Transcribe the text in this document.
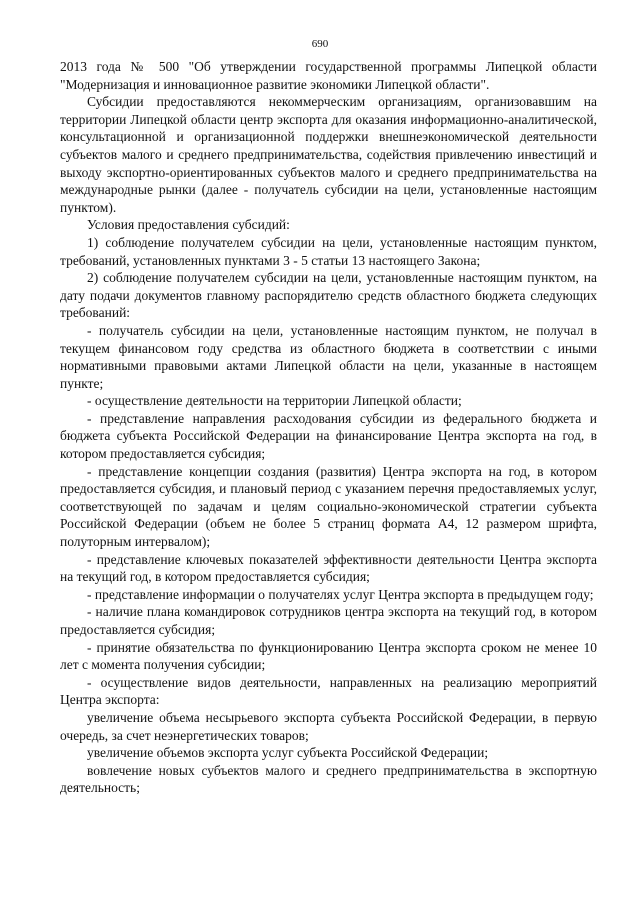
690

2013 года № 500 "Об утверждении государственной программы Липецкой области "Модернизация и инновационное развитие экономики Липецкой области".

Субсидии предоставляются некоммерческим организациям, организовавшим на территории Липецкой области центр экспорта для оказания информационно-аналитической, консультационной и организационной поддержки внешнеэкономической деятельности субъектов малого и среднего предпринимательства, содействия привлечению инвестиций и выходу экспортно-ориентированных субъектов малого и среднего предпринимательства на международные рынки (далее - получатель субсидии на цели, установленные настоящим пунктом).

Условия предоставления субсидий:

1) соблюдение получателем субсидии на цели, установленные настоящим пунктом, требований, установленных пунктами 3 - 5 статьи 13 настоящего Закона;

2) соблюдение получателем субсидии на цели, установленные настоящим пунктом, на дату подачи документов главному распорядителю средств областного бюджета следующих требований:

- получатель субсидии на цели, установленные настоящим пунктом, не получал в текущем финансовом году средства из областного бюджета в соответствии с иными нормативными правовыми актами Липецкой области на цели, указанные в настоящем пункте;

- осуществление деятельности на территории Липецкой области;

- представление направления расходования субсидии из федерального бюджета и бюджета субъекта Российской Федерации на финансирование Центра экспорта на год, в котором предоставляется субсидия;

- представление концепции создания (развития) Центра экспорта на год, в котором предоставляется субсидия, и плановый период с указанием перечня предоставляемых услуг, соответствующей по задачам и целям социально-экономической стратегии субъекта Российской Федерации (объем не более 5 страниц формата А4, 12 размером шрифта, полуторным интервалом);

- представление ключевых показателей эффективности деятельности Центра экспорта на текущий год, в котором предоставляется субсидия;

- представление информации о получателях услуг Центра экспорта в предыдущем году;

- наличие плана командировок сотрудников центра экспорта на текущий год, в котором предоставляется субсидия;

- принятие обязательства по функционированию Центра экспорта сроком не менее 10 лет с момента получения субсидии;

- осуществление видов деятельности, направленных на реализацию мероприятий Центра экспорта:

увеличение объема несырьевого экспорта субъекта Российской Федерации, в первую очередь, за счет неэнергетических товаров;

увеличение объемов экспорта услуг субъекта Российской Федерации;

вовлечение новых субъектов малого и среднего предпринимательства в экспортную деятельность;
